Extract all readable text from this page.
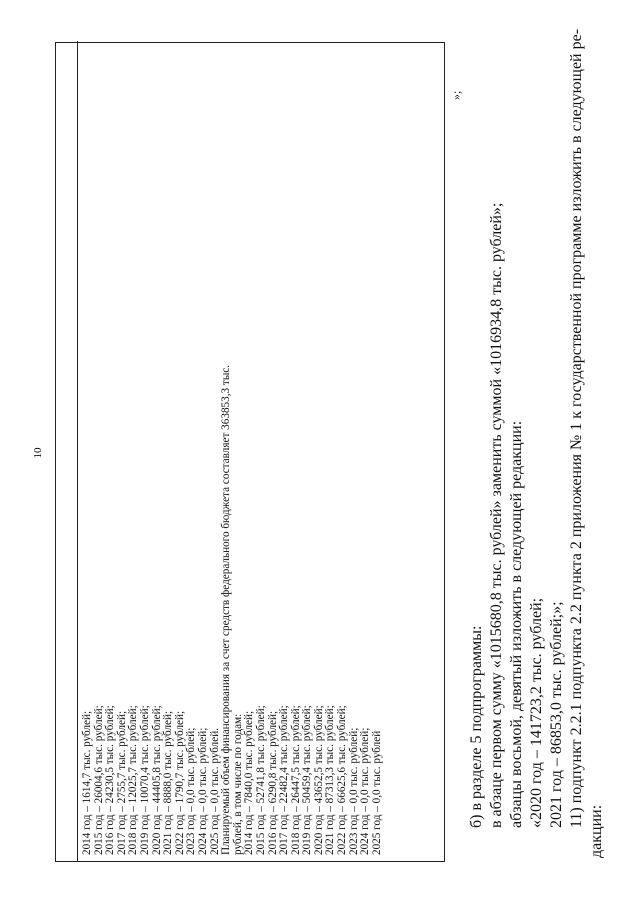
10
2014 год – 1614,7 тыс. рублей; 2015 год – 26004,6 тыс. рублей; 2016 год – 24230,5 тыс. рублей; 2017 год – 2755,7 тыс. рублей; 2018 год – 12025,7 тыс. рублей; 2019 год – 10070,4 тыс. рублей; 2020 год – 44405,8 тыс. рублей; 2021 год – 8888,0 тыс. рублей; 2022 год – 1790,7 тыс. рублей; 2023 год – 0,0 тыс. рублей; 2024 год – 0,0 тыс. рублей; 2025 год – 0,0 тыс. рублей. Планируемый объем финансирования за счет средств федерального бюджета составляет 363853,3 тыс. рублей, в том числе по годам: 2014 год – 7840,0 тыс. рублей; 2015 год – 52741,8 тыс. рублей; 2016 год – 6290,8 тыс. рублей; 2017 год – 22482,4 тыс. рублей; 2018 год – 26447,5 тыс. рублей; 2019 год – 50459,4 тыс. рублей; 2020 год – 43652,5 тыс. рублей; 2021 год – 87313,3 тыс. рублей; 2022 год – 66625,6 тыс. рублей; 2023 год – 0,0 тыс. рублей; 2024 год – 0,0 тыс. рублей; 2025 год – 0,0 тыс. рублей
»;
б) в разделе 5 подпрограммы: в абзаце первом сумму «1015680,8 тыс. рублей» заменить суммой «1016934,8 тыс. рублей»; абзацы восьмой, девятый изложить в следующей редакции: «2020 год – 141723,2 тыс. рублей; 2021 год – 86853,0 тыс. рублей;»; 11) подпункт 2.2.1 подпункта 2.2 пункта 2 приложения № 1 к государственной программе изложить в следующей ре-
дакции:
